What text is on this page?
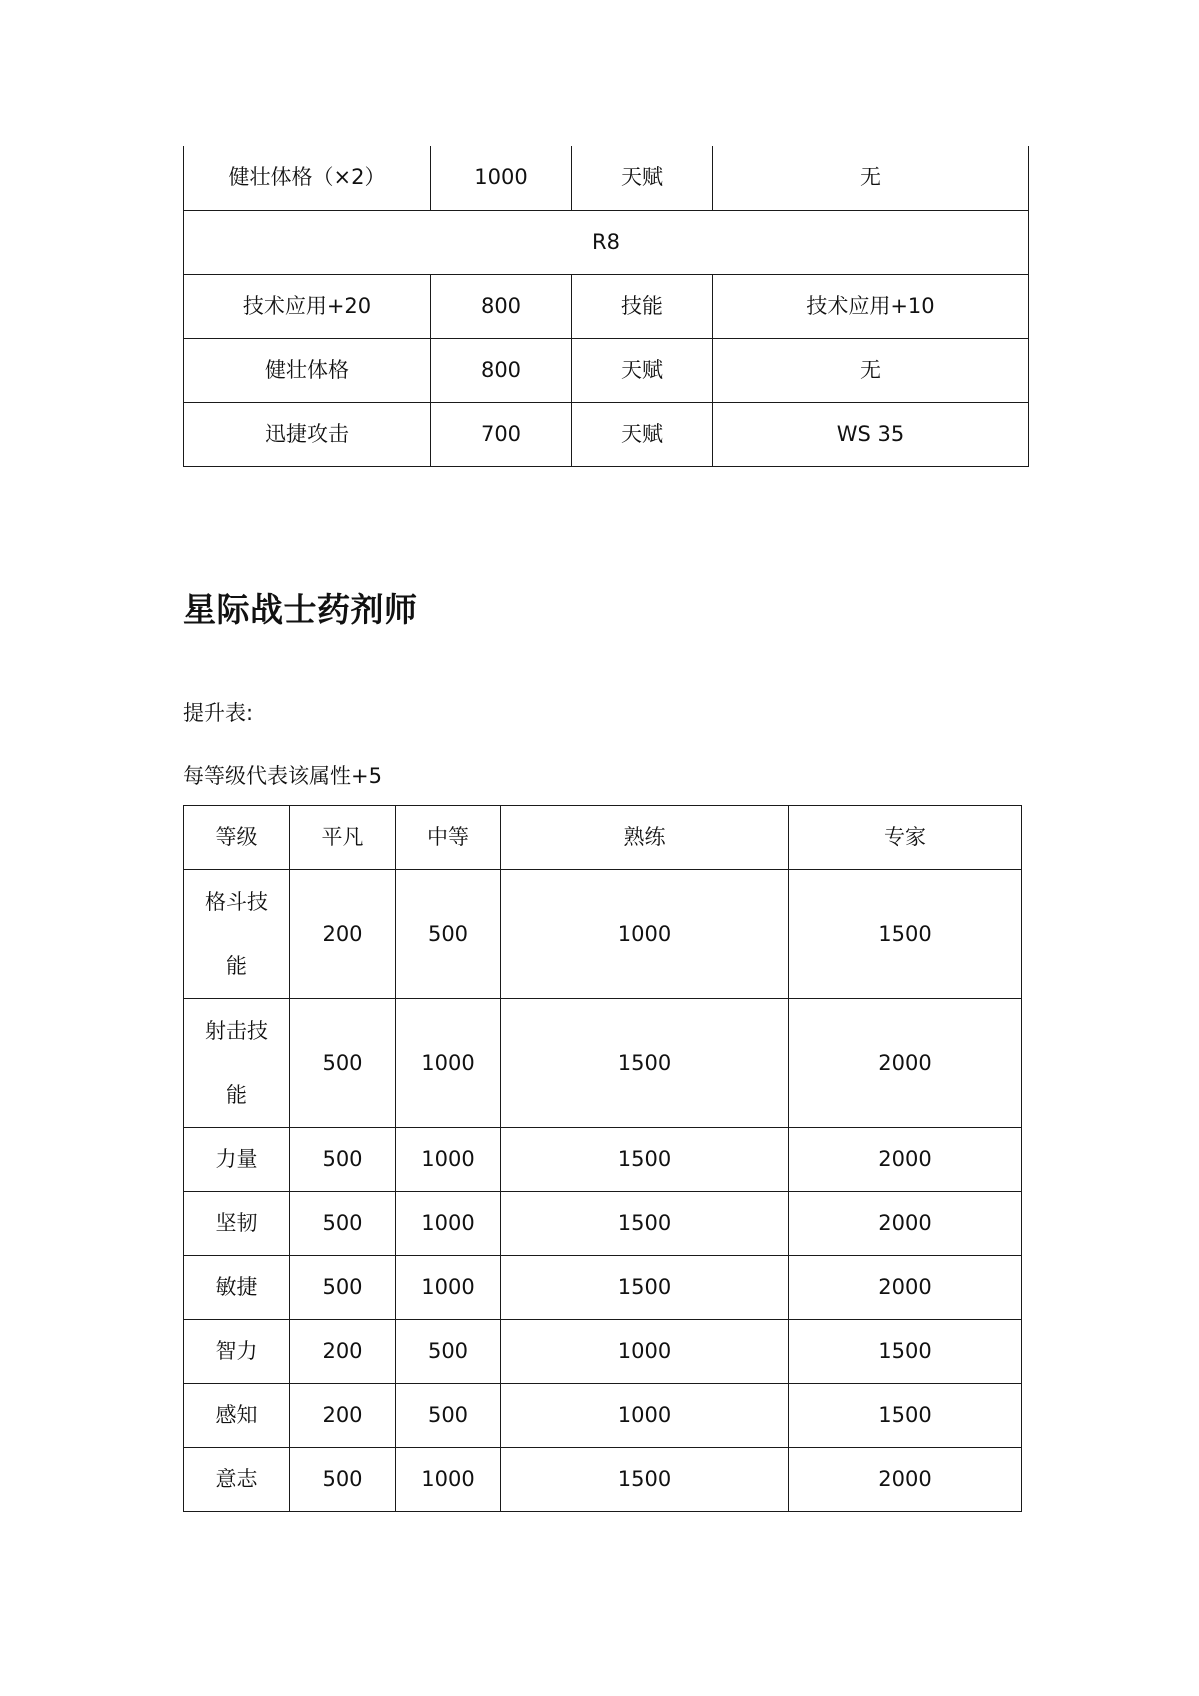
健壮体格（×2）	1000	天赋	无
R8			
技术应用+20	800	技能	技术应用+10
健壮体格	800	天赋	无
迅捷攻击	700	天赋	WS 35
星际战士药剂师

提升表:

每等级代表该属性+5

等级	平凡	中等	熟练	专家
格斗技能	200	500	1000	1500
射击技能	500	1000	1500	2000
力量	500	1000	1500	2000
坚韧	500	1000	1500	2000
敏捷	500	1000	1500	2000
智力	200	500	1000	1500
感知	200	500	1000	1500
意志	500	1000	1500	2000
